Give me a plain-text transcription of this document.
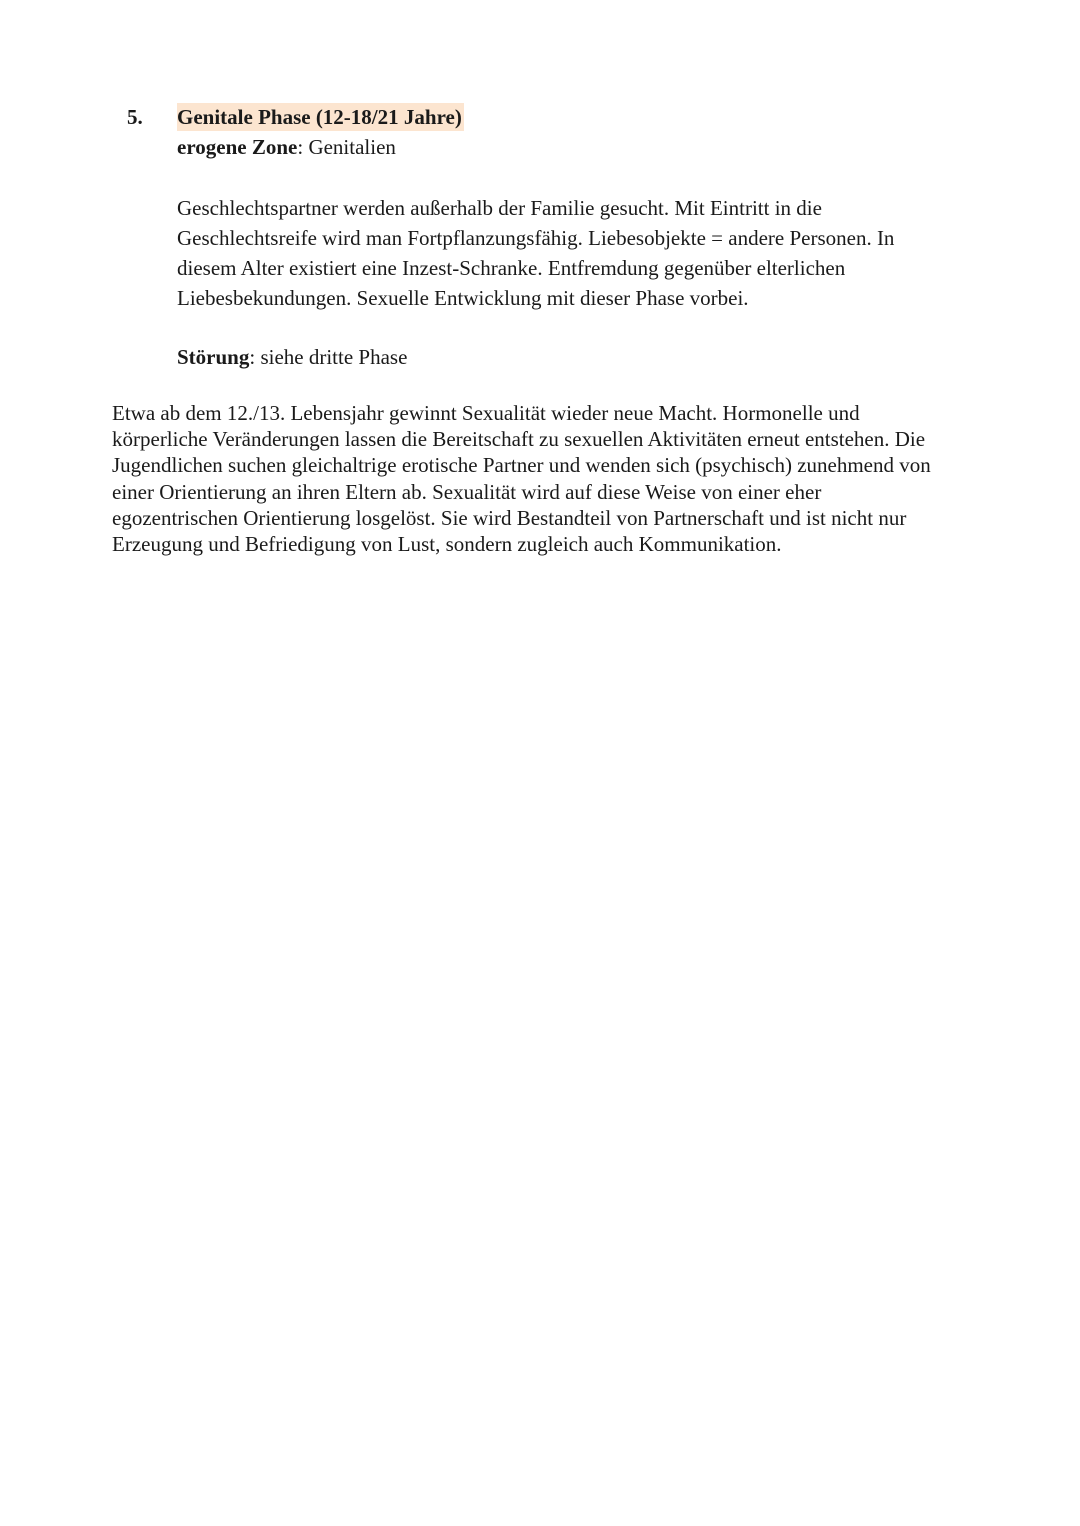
5.	Genitale Phase (12-18/21 Jahre)
erogene Zone: Genitalien

Geschlechtspartner werden außerhalb der Familie gesucht. Mit Eintritt in die
Geschlechtsreife wird man Fortpflanzungsfähig. Liebesobjekte = andere Personen. In
diesem Alter existiert eine Inzest-Schranke. Entfremdung gegenüber elterlichen
Liebesbekundungen. Sexuelle Entwicklung mit dieser Phase vorbei.

Störung: siehe dritte Phase

Etwa ab dem 12./13. Lebensjahr gewinnt Sexualität wieder neue Macht. Hormonelle und
körperliche Veränderungen lassen die Bereitschaft zu sexuellen Aktivitäten erneut entstehen. Die
Jugendlichen suchen gleichaltrige erotische Partner und wenden sich (psychisch) zunehmend von
einer Orientierung an ihren Eltern ab. Sexualität wird auf diese Weise von einer eher
egozentrischen Orientierung losgelöst. Sie wird Bestandteil von Partnerschaft und ist nicht nur
Erzeugung und Befriedigung von Lust, sondern zugleich auch Kommunikation.
